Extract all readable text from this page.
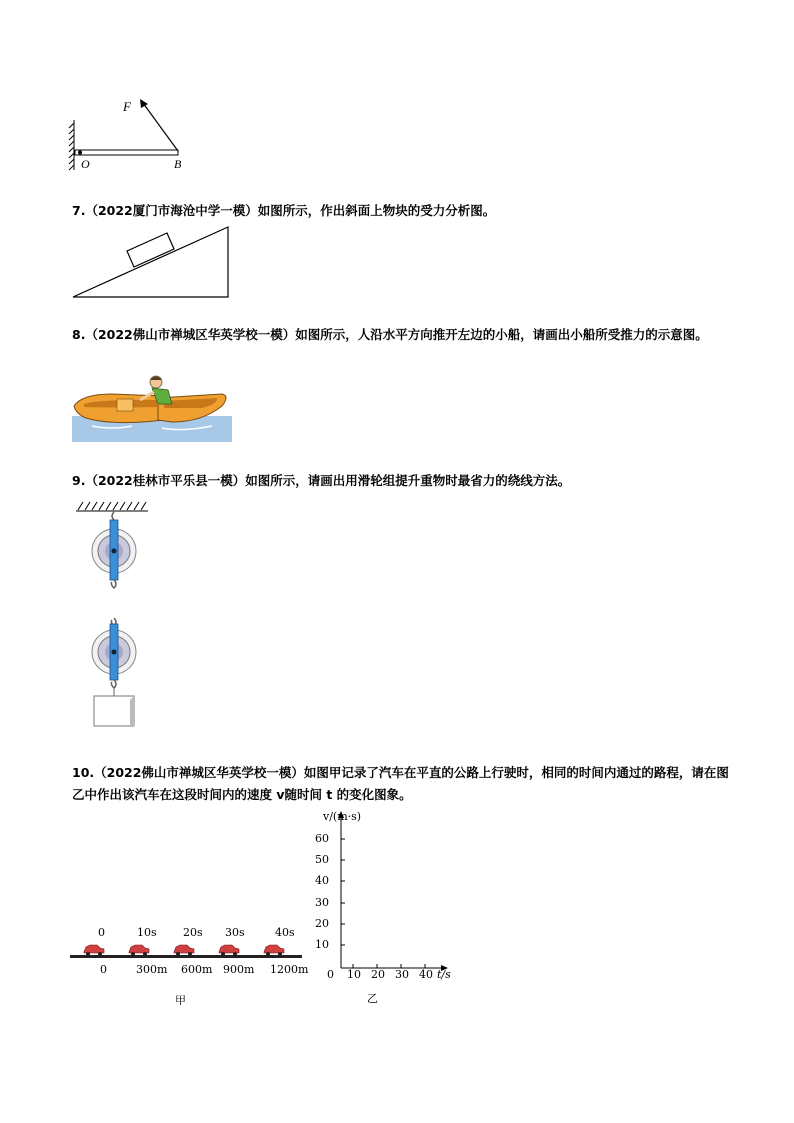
F
O	B
7.（2022厦门市海沧中学一模）如图所示，作出斜面上物块的受力分析图。
8.（2022佛山市禅城区华英学校一模）如图所示，人沿水平方向推开左边的小船，请画出小船所受推力的示意图。
9.（2022桂林市平乐县一模）如图所示，请画出用滑轮组提升重物时最省力的绕线方法。
10.（2022佛山市禅城区华英学校一模）如图甲记录了汽车在平直的公路上行驶时，相同的时间内通过的路程，请在图乙中作出该汽车在这段时间内的速度 v随时间 t 的变化图象。
0	10s 20s 30s	40s
0	300m 600m 900m 1200m
甲
v/(m·s)
60
50
40
30
20
10
0 10 20 30 40 t/s
乙
